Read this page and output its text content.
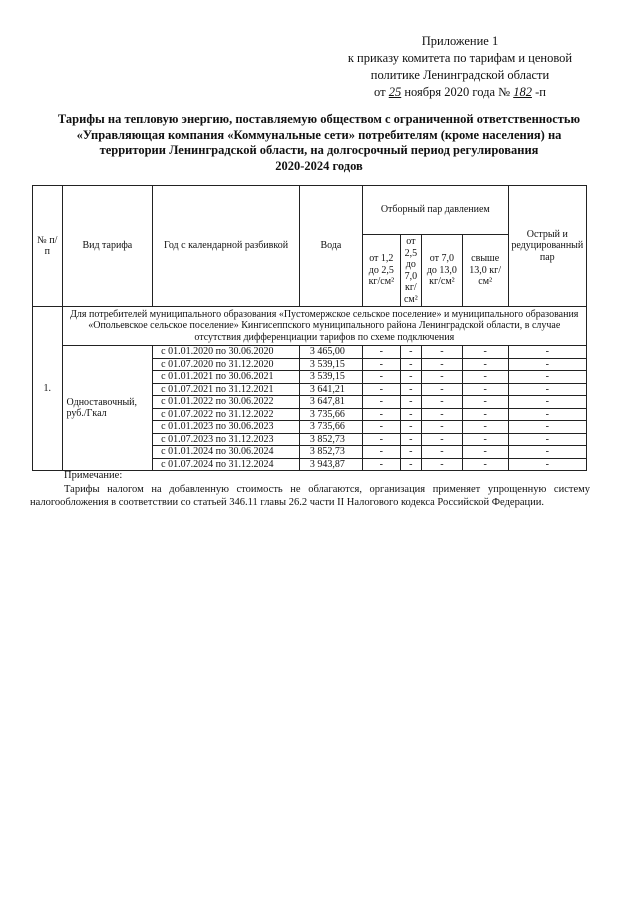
Приложение 1
к приказу комитета по тарифам и ценовой
политике Ленинградской области
от 25 ноября 2020 года № 182 -п
Тарифы на тепловую энергию, поставляемую обществом с ограниченной ответственностью
«Управляющая компания «Коммунальные сети» потребителям (кроме населения) на
территории Ленинградской области, на долгосрочный период регулирования
2020-2024 годов
№ п/п	Вид тарифа	Год с календарной разбивкой	Вода	Отборный пар давлением				Острый и редуцированный пар
				от 1,2 до 2,5 кг/см²	от 2,5 до 7,0 кг/см²	от 7,0 до 13,0 кг/см²	свыше 13,0 кг/см²	
1.	Для потребителей муниципального образования «Пустомержское сельское поселение» и муниципального образования «Опольевское сельское поселение» Кингисеппского муниципального района Ленинградской области, в случае отсутствия дифференциации тарифов по схеме подключения							
	Одноставочный, руб./Гкал	с 01.01.2020 по 30.06.2020	3 465,00	-	-	-	-	-
		с 01.07.2020 по 31.12.2020	3 539,15	-	-	-	-	-
		с 01.01.2021 по 30.06.2021	3 539,15	-	-	-	-	-
		с 01.07.2021 по 31.12.2021	3 641,21	-	-	-	-	-
		с 01.01.2022 по 30.06.2022	3 647,81	-	-	-	-	-
		с 01.07.2022 по 31.12.2022	3 735,66	-	-	-	-	-
		с 01.01.2023 по 30.06.2023	3 735,66	-	-	-	-	-
		с 01.07.2023 по 31.12.2023	3 852,73	-	-	-	-	-
		с 01.01.2024 по 30.06.2024	3 852,73	-	-	-	-	-
		с 01.07.2024 по 31.12.2024	3 943,87	-	-	-	-	-
Примечание:
Тарифы налогом на добавленную стоимость не облагаются, организация применяет упрощенную систему налогообложения в соответствии со статьей 346.11 главы 26.2 части II Налогового кодекса Российской Федерации.
